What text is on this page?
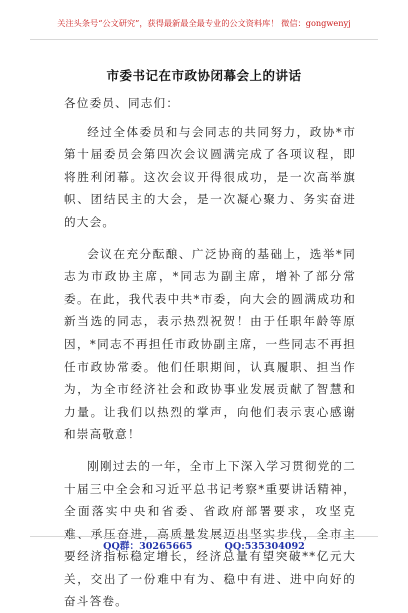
关注头条号“公文研究”，获得最新最全最专业的公文资料库！ 微信：gongwenyj
市委书记在市政协闭幕会上的讲话

各位委员、同志们：

经过全体委员和与会同志的共同努力，政协*市第十届委员会第四次会议圆满完成了各项议程，即将胜利闭幕。这次会议开得很成功，是一次高举旗帜、团结民主的大会，是一次凝心聚力、务实奋进的大会。

会议在充分酝酿、广泛协商的基础上，选举*同志为市政协主席，*同志为副主席，增补了部分常委。在此，我代表中共*市委，向大会的圆满成功和新当选的同志，表示热烈祝贺！由于任职年龄等原因，*同志不再担任市政协副主席，一些同志不再担任市政协常委。他们任职期间，认真履职、担当作为，为全市经济社会和政协事业发展贡献了智慧和力量。让我们以热烈的掌声，向他们表示衷心感谢和崇高敬意！

刚刚过去的一年，全市上下深入学习贯彻党的二十届三中全会和习近平总书记考察*重要讲话精神，全面落实中央和省委、省政府部署要求，攻坚克难、承压奋进，高质量发展迈出坚实步伐，全市主要经济指标稳定增长，经济总量有望突破**亿元大关，交出了一份难中有为、稳中有进、进中向好的奋斗答卷。

QQ群：30265665	QQ:535304092
